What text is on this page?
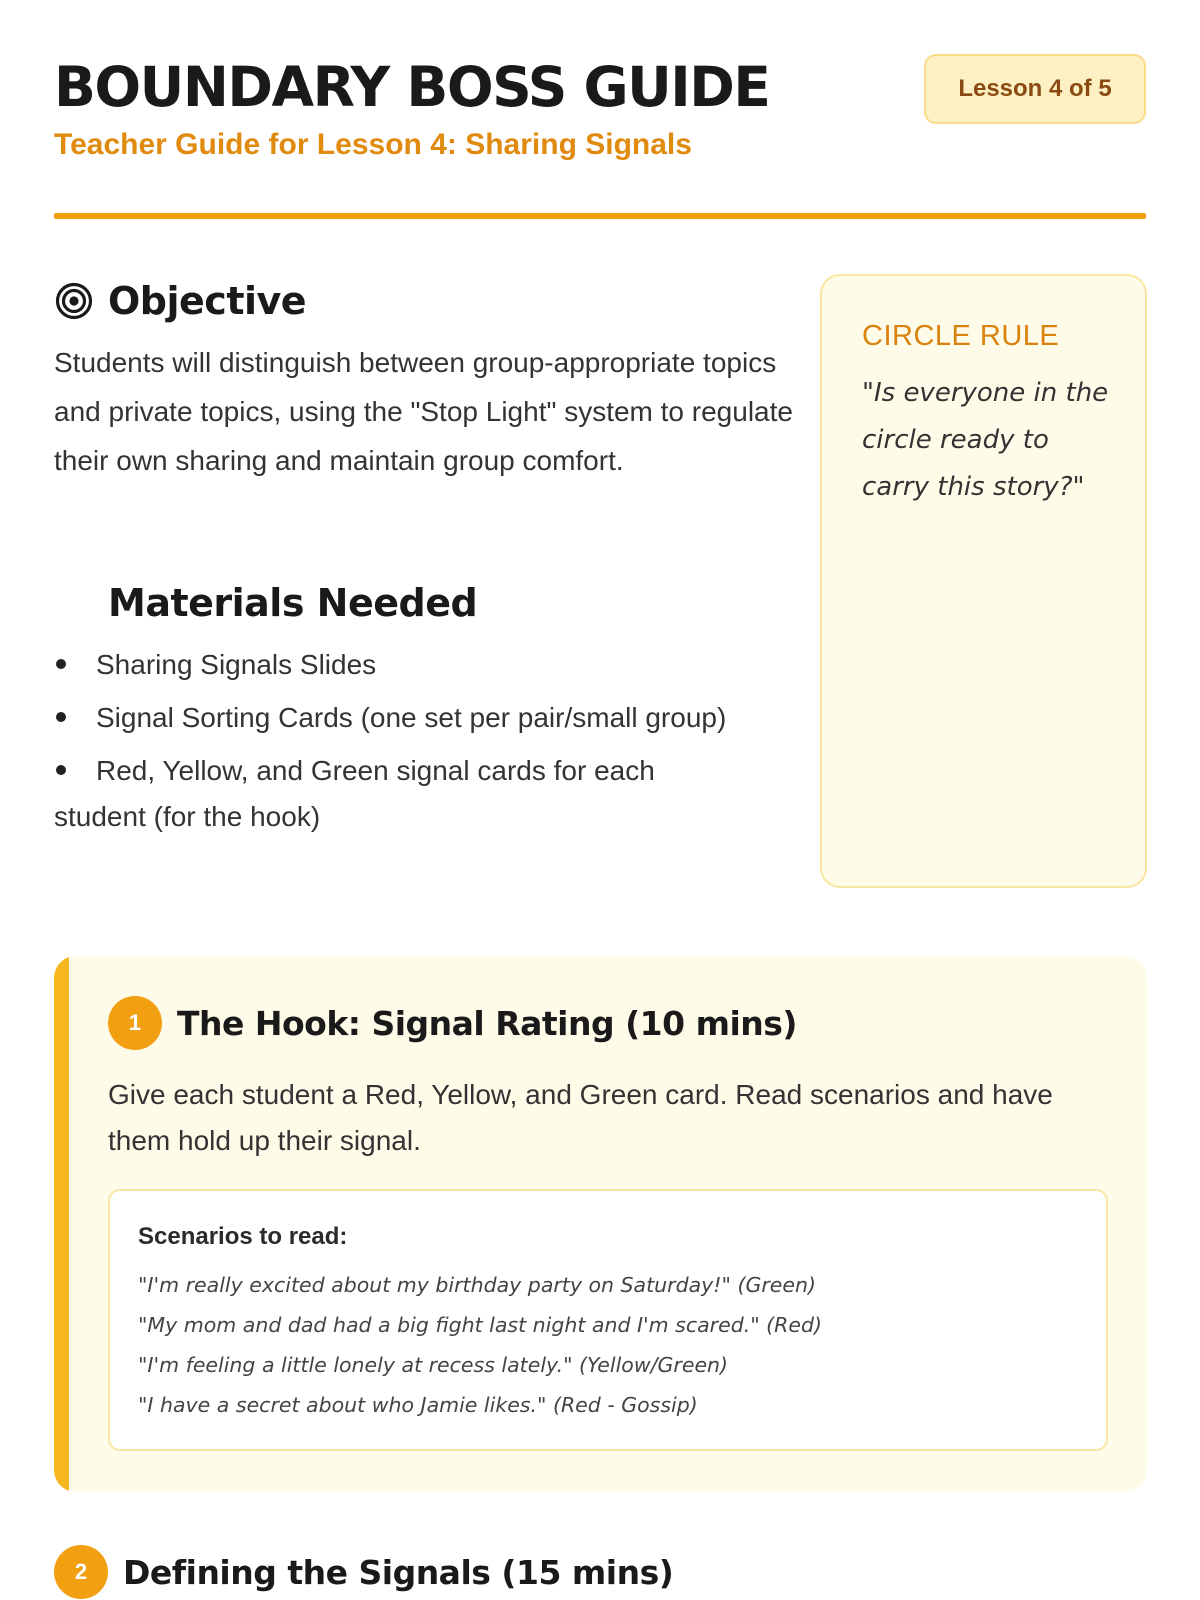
BOUNDARY BOSS GUIDE
Teacher Guide for Lesson 4: Sharing Signals
Lesson 4 of 5
Objective

Students will distinguish between group-appropriate topics and private topics, using the "Stop Light" system to regulate their own sharing and maintain group comfort.

Materials Needed
Sharing Signals Slides
Signal Sorting Cards (one set per pair/small group)
Red, Yellow, and Green signal cards for each student (for the hook)
CIRCLE RULE

"Is everyone in the circle ready to carry this story?"

1	The Hook: Signal Rating (10 mins)

Give each student a Red, Yellow, and Green card. Read scenarios and have them hold up their signal.

Scenarios to read:
"I'm really excited about my birthday party on Saturday!" (Green)
"My mom and dad had a big fight last night and I'm scared." (Red)
"I'm feeling a little lonely at recess lately." (Yellow/Green)
"I have a secret about who Jamie likes." (Red - Gossip)
2	Defining the Signals (15 mins)
